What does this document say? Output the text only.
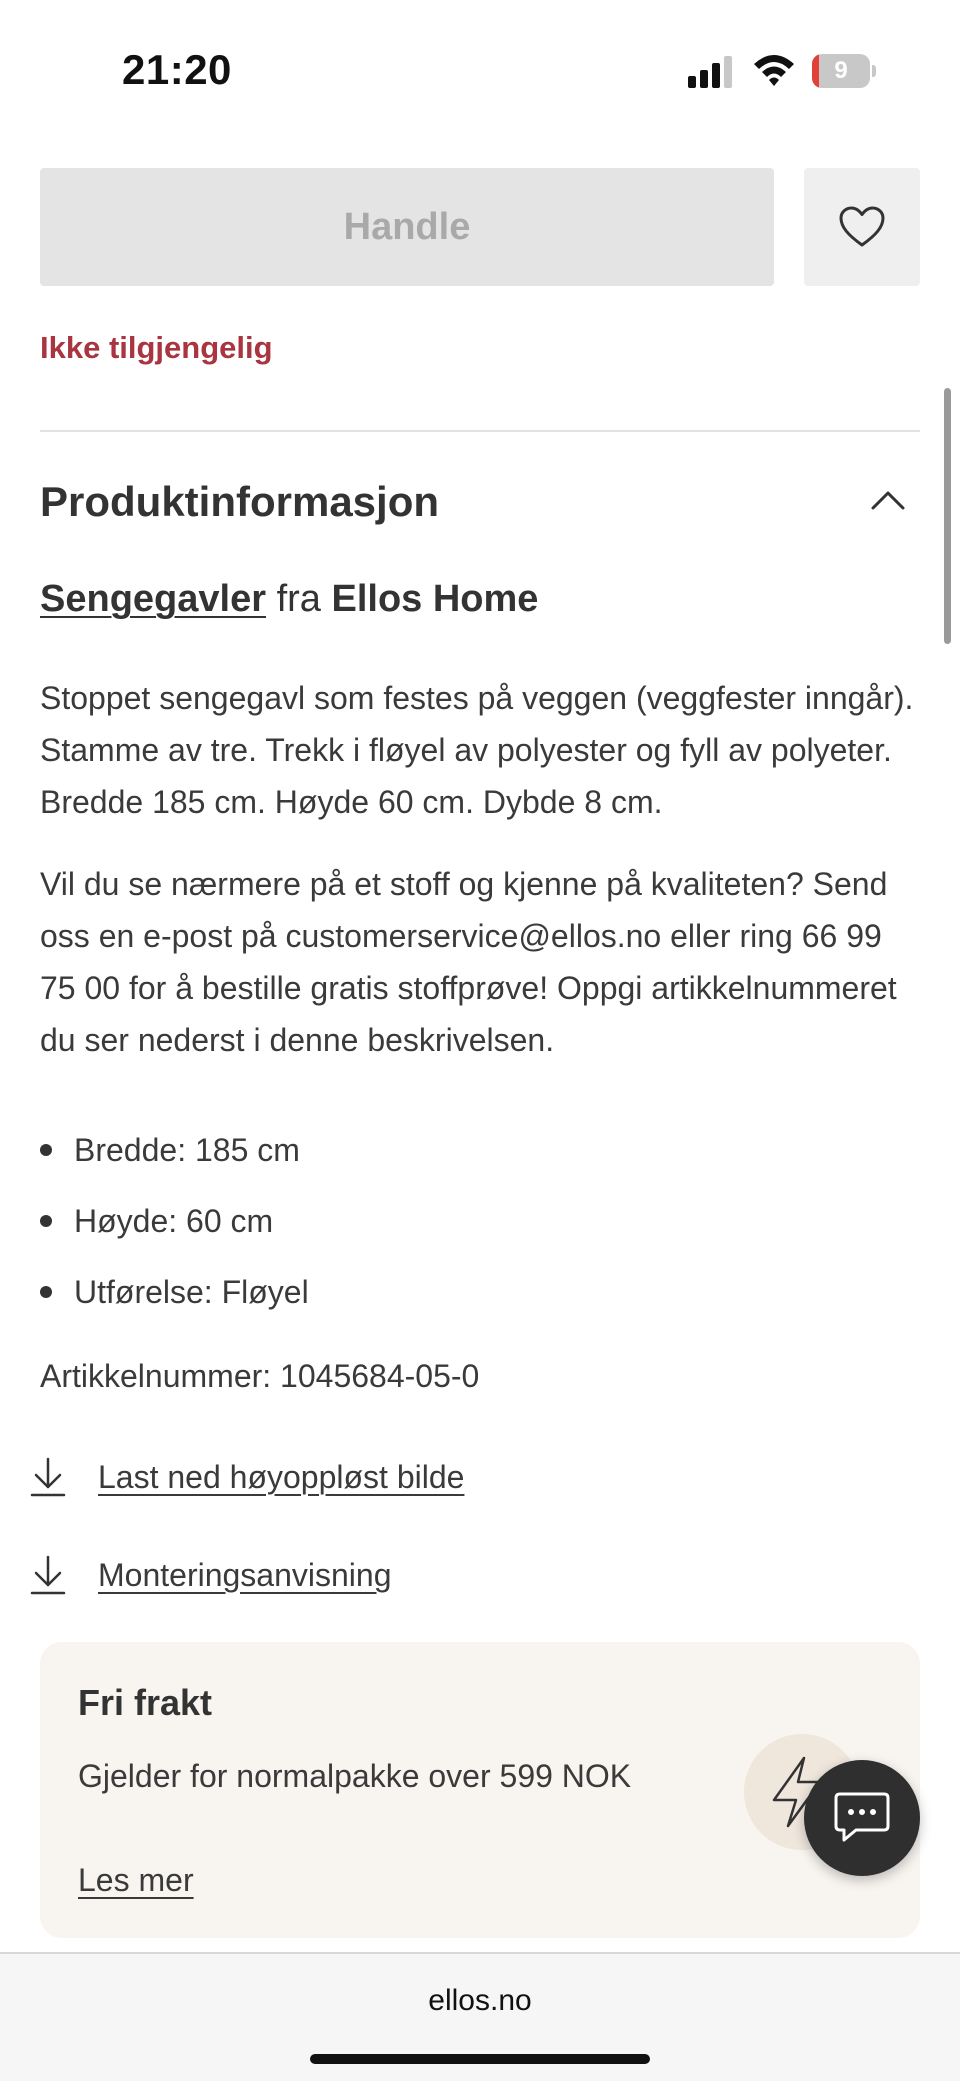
21:20	9
Handle
Ikke tilgjengelig
Produktinformasjon
Sengegavler fra Ellos Home

Stoppet sengegavl som festes på veggen (veggfester inngår). Stamme av tre. Trekk i fløyel av polyester og fyll av polyeter. Bredde 185 cm. Høyde 60 cm. Dybde 8 cm.

Vil du se nærmere på et stoff og kjenne på kvaliteten? Send oss en e-post på customerservice@ellos.no eller ring 66 99 75 00 for å bestille gratis stoffprøve! Oppgi artikkelnummeret du ser nederst i denne beskrivelsen.

Bredde: 185 cm
Høyde: 60 cm
Utførelse: Fløyel
Artikkelnummer: 1045684-05-0
Last ned høyoppløst bilde
Monteringsanvisning
Fri frakt
Gjelder for normalpakke over 599 NOK
Les mer
ellos.no
